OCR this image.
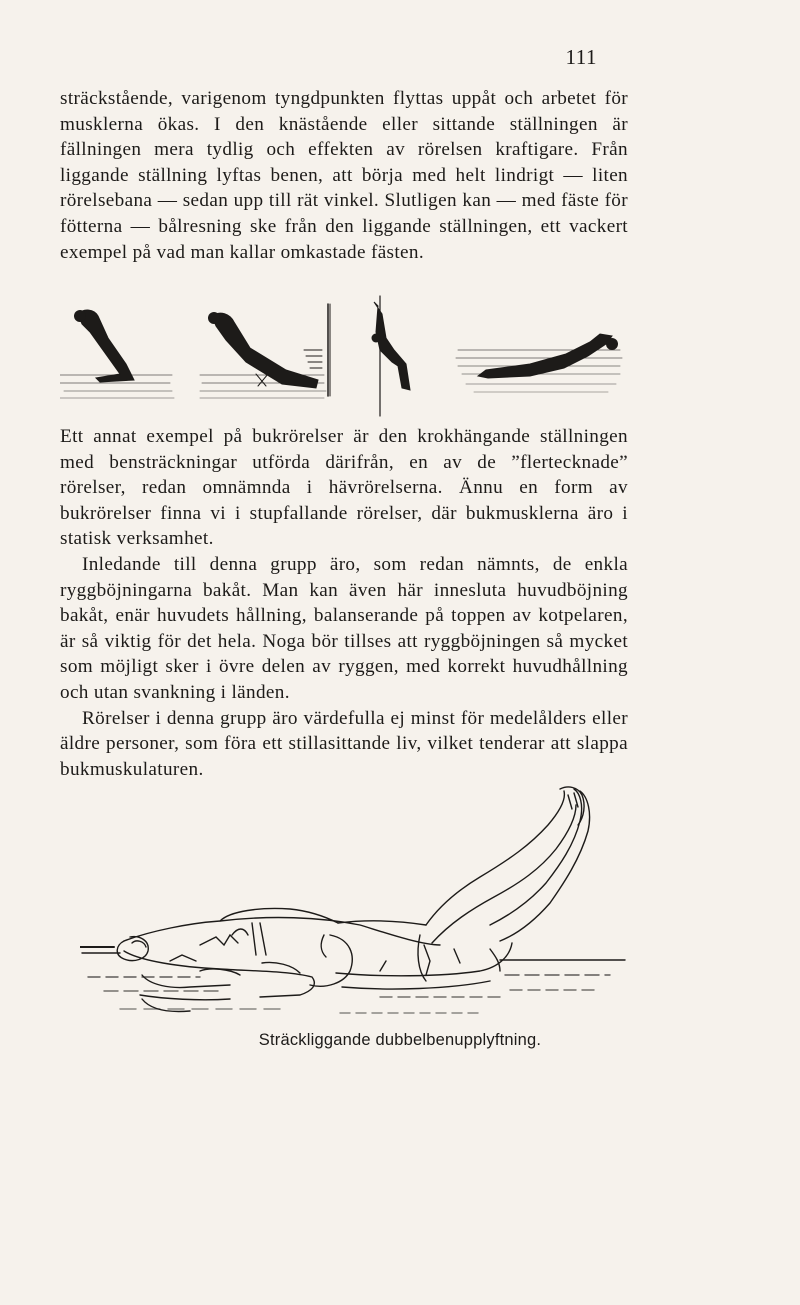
111

sträckstående, varigenom tyngdpunkten flyttas uppåt och arbetet för musklerna ökas. I den knästående eller sittande ställningen är fällningen mera tydlig och effekten av rörelsen kraftigare. Från liggande ställning lyftas benen, att börja med helt lindrigt — liten rörelsebana — sedan upp till rät vinkel. Slutligen kan — med fäste för fötterna — bålresning ske från den liggande ställningen, ett vackert exempel på vad man kallar omkastade fästen.

Ett annat exempel på bukrörelser är den krokhängande ställningen med bensträckningar utförda därifrån, en av de ”flertecknade” rörelser, redan omnämnda i hävrörelserna. Ännu en form av bukrörelser finna vi i stupfallande rörelser, där bukmusklerna äro i statisk verksamhet.

Inledande till denna grupp äro, som redan nämnts, de enkla ryggböjningarna bakåt. Man kan även här innesluta huvudböjning bakåt, enär huvudets hållning, balanserande på toppen av kotpelaren, är så viktig för det hela. Noga bör tillses att ryggböjningen så mycket som möjligt sker i övre delen av ryggen, med korrekt huvudhållning och utan svankning i länden.

Rörelser i denna grupp äro värdefulla ej minst för medelålders eller äldre personer, som föra ett stillasittande liv, vilket tenderar att slappa bukmuskulaturen.

Sträckliggande dubbelbenupplyftning.
